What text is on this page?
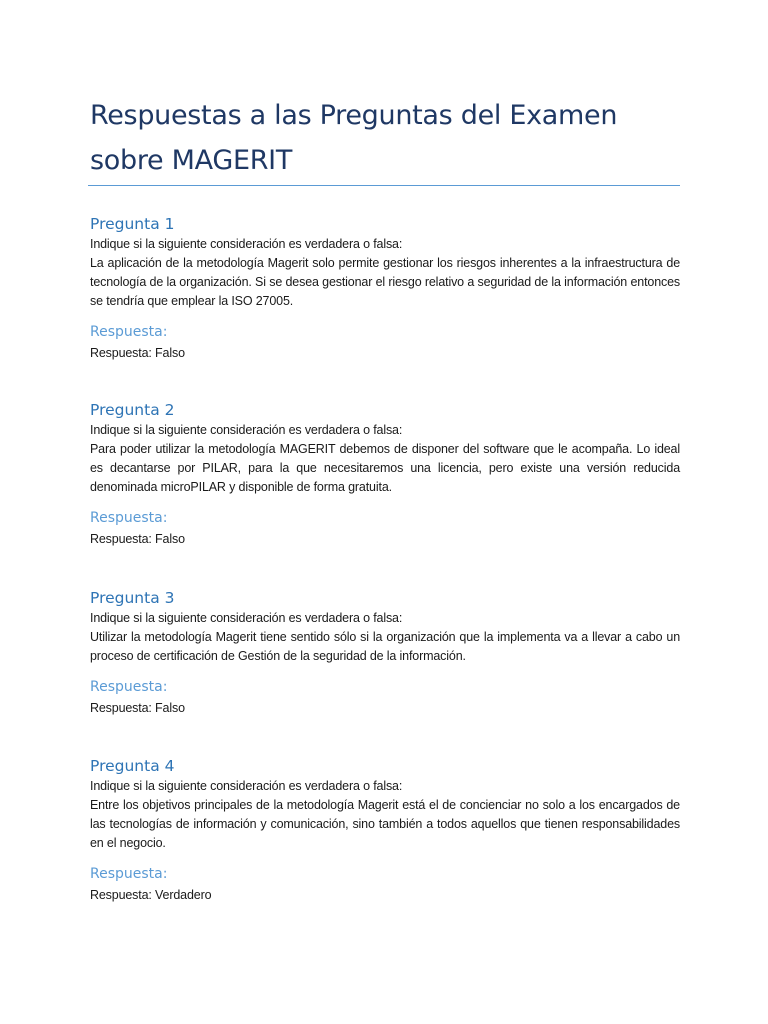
Respuestas a las Preguntas del Examen
sobre MAGERIT
Pregunta 1

Indique si la siguiente consideración es verdadera o falsa:

La aplicación de la metodología Magerit solo permite gestionar los riesgos inherentes a la infraestructura de tecnología de la organización. Si se desea gestionar el riesgo relativo a seguridad de la información entonces se tendría que emplear la ISO 27005.

Respuesta:

Respuesta: Falso

Pregunta 2

Indique si la siguiente consideración es verdadera o falsa:

Para poder utilizar la metodología MAGERIT debemos de disponer del software que le acompaña. Lo ideal es decantarse por PILAR, para la que necesitaremos una licencia, pero existe una versión reducida denominada microPILAR y disponible de forma gratuita.

Respuesta:

Respuesta: Falso

Pregunta 3

Indique si la siguiente consideración es verdadera o falsa:

Utilizar la metodología Magerit tiene sentido sólo si la organización que la implementa va a llevar a cabo un proceso de certificación de Gestión de la seguridad de la información.

Respuesta:

Respuesta: Falso

Pregunta 4

Indique si la siguiente consideración es verdadera o falsa:

Entre los objetivos principales de la metodología Magerit está el de concienciar no solo a los encargados de las tecnologías de información y comunicación, sino también a todos aquellos que tienen responsabilidades en el negocio.

Respuesta:

Respuesta: Verdadero
